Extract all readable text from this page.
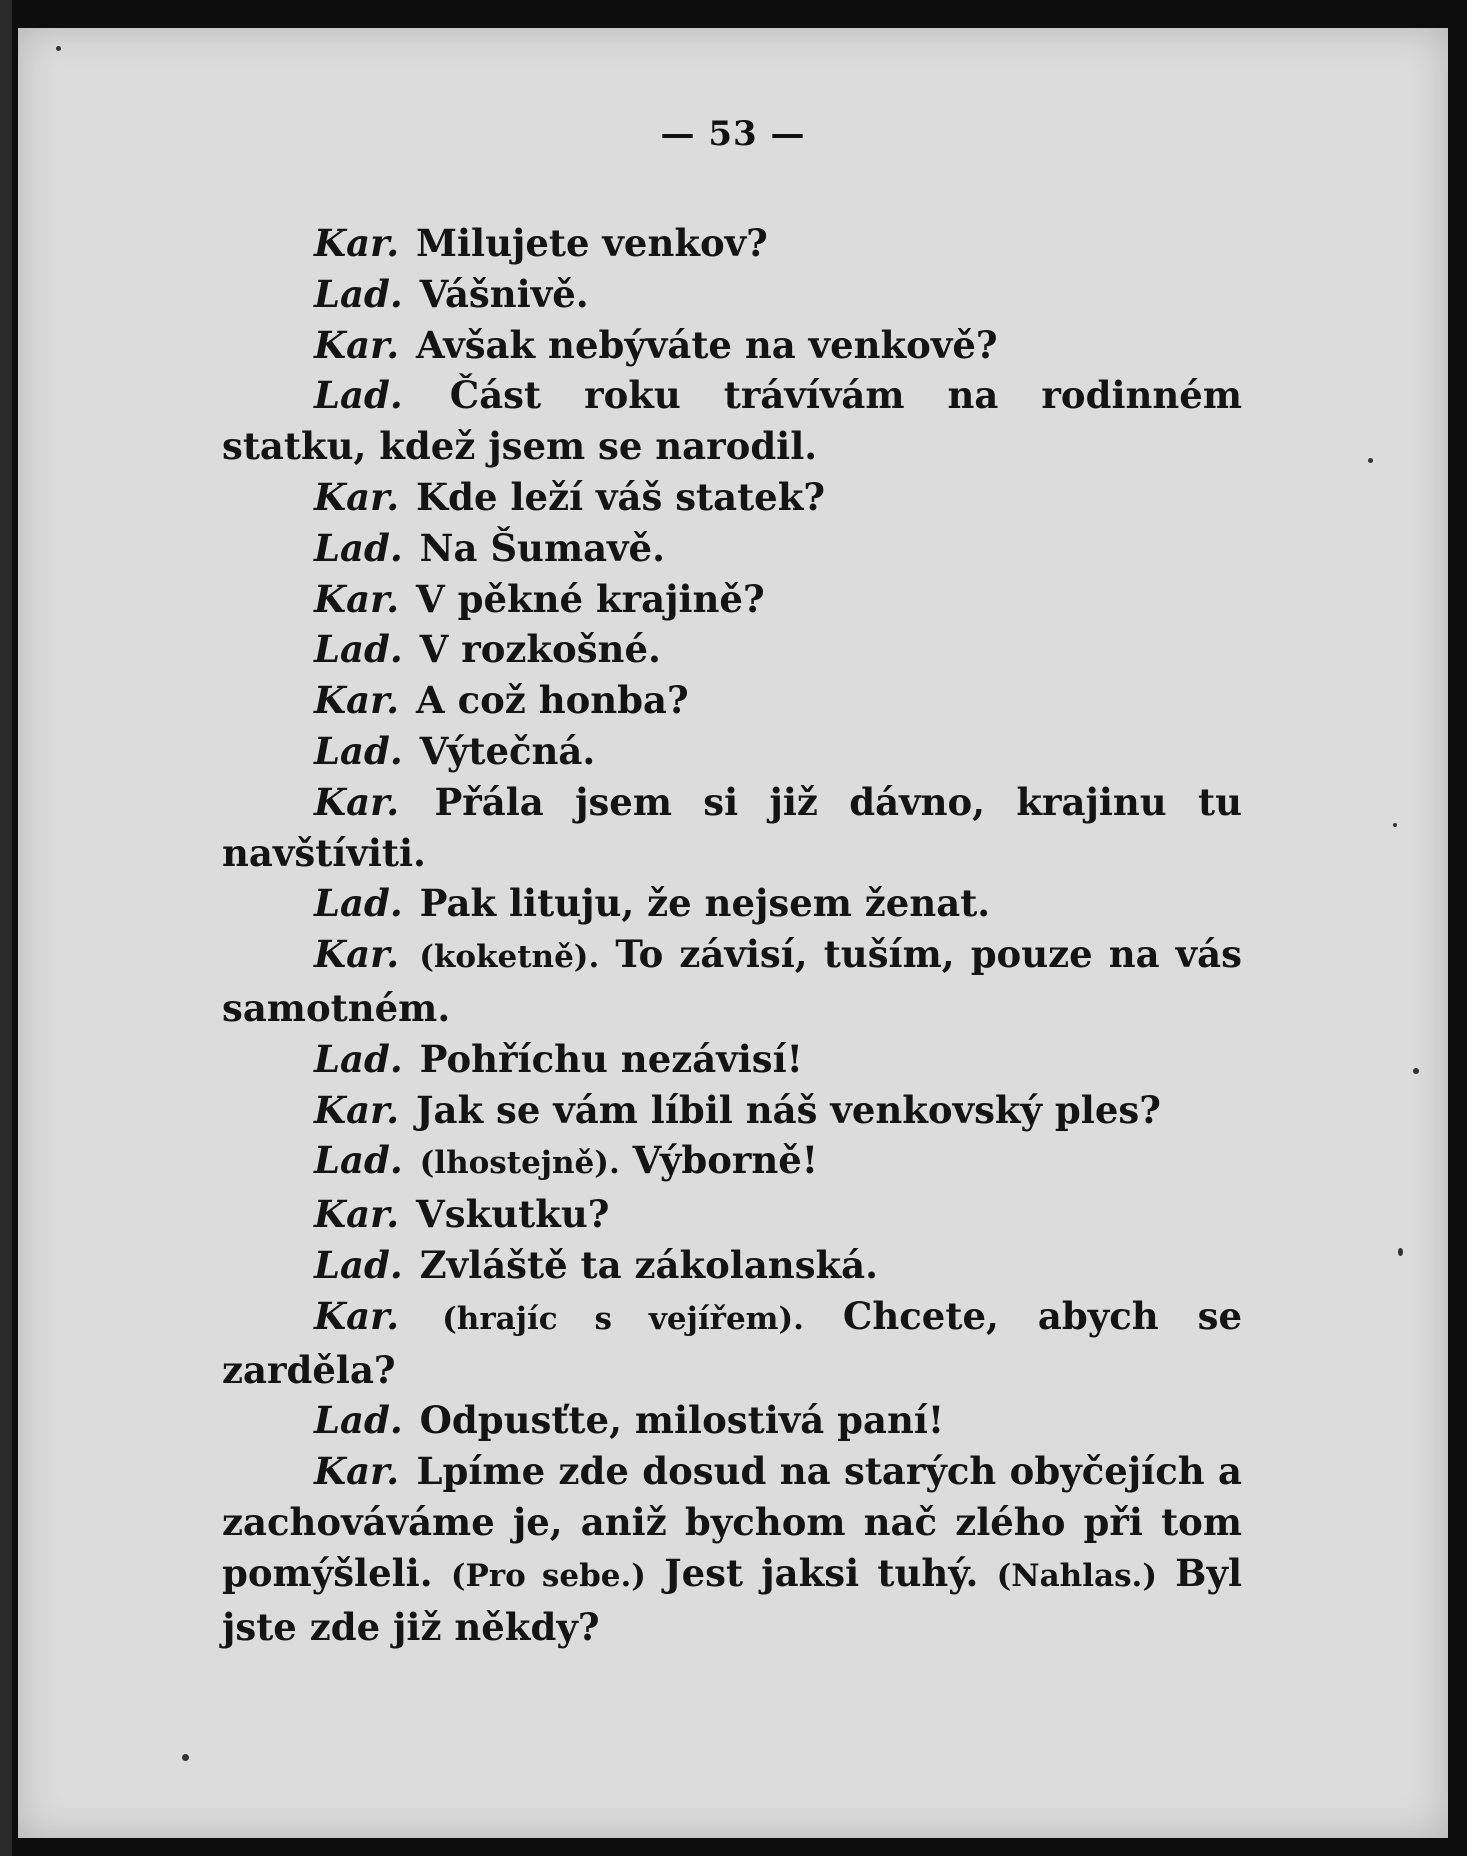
— 53 —

Kar. Milujete venkov?

Lad. Vášnivě.

Kar. Avšak nebýváte na venkově?

Lad. Část roku trávívám na rodinném statku, kdež jsem se narodil.

Kar. Kde leží váš statek?

Lad. Na Šumavě.

Kar. V pěkné krajině?

Lad. V rozkošné.

Kar. A což honba?

Lad. Výtečná.

Kar. Přála jsem si již dávno, krajinu tu navštíviti.

Lad. Pak lituju, že nejsem ženat.

Kar. (koketně). To závisí, tuším, pouze na vás samotném.

Lad. Pohříchu nezávisí!

Kar. Jak se vám líbil náš venkovský ples?

Lad. (lhostejně). Výborně!

Kar. Vskutku?

Lad. Zvláště ta zákolanská.

Kar. (hrajíc s vejířem). Chcete, abych se zarděla?

Lad. Odpusťte, milostivá paní!

Kar. Lpíme zde dosud na starých obyčejích a zachováváme je, aniž bychom nač zlého při tom pomýšleli. (Pro sebe.) Jest jaksi tuhý. (Nahlas.) Byl jste zde již někdy?
